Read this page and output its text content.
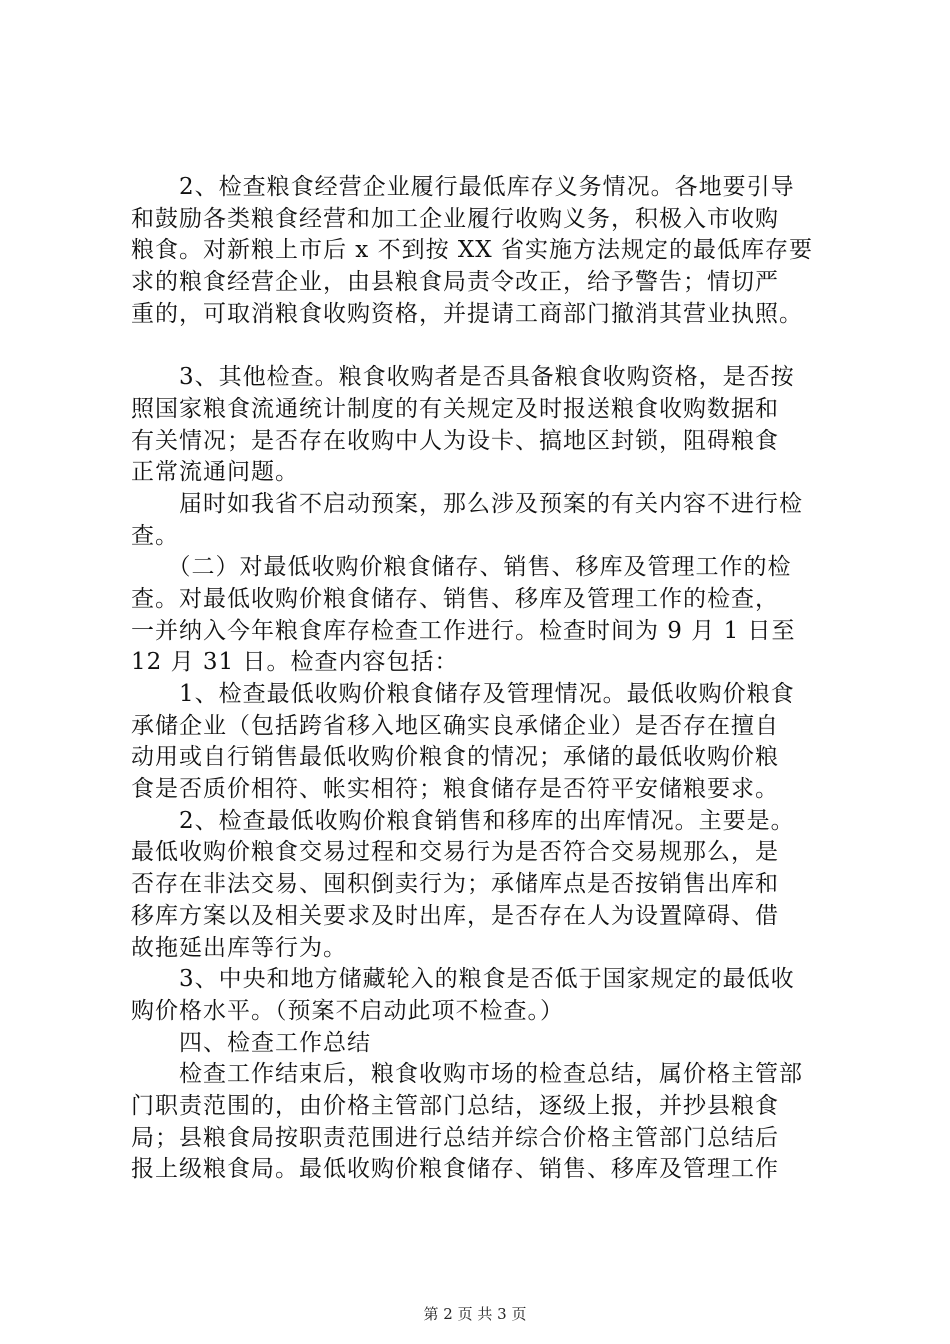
　　2、检查粮食经营企业履行最低库存义务情况。各地要引导
和鼓励各类粮食经营和加工企业履行收购义务，积极入市收购
粮食。对新粮上市后 x 不到按 XX 省实施方法规定的最低库存要
求的粮食经营企业，由县粮食局责令改正，给予警告；情切严
重的，可取消粮食收购资格，并提请工商部门撤消其营业执照。
　　3、其他检查。粮食收购者是否具备粮食收购资格，是否按
照国家粮食流通统计制度的有关规定及时报送粮食收购数据和
有关情况；是否存在收购中人为设卡、搞地区封锁，阻碍粮食
正常流通问题。
　　届时如我省不启动预案，那么涉及预案的有关内容不进行检
查。
　　（二）对最低收购价粮食储存、销售、移库及管理工作的检
查。对最低收购价粮食储存、销售、移库及管理工作的检查，
一并纳入今年粮食库存检查工作进行。检查时间为 9 月 1 日至
12 月 31 日。检查内容包括：
　　1、检查最低收购价粮食储存及管理情况。最低收购价粮食
承储企业（包括跨省移入地区确实良承储企业）是否存在擅自
动用或自行销售最低收购价粮食的情况；承储的最低收购价粮
食是否质价相符、帐实相符；粮食储存是否符平安储粮要求。
　　2、检查最低收购价粮食销售和移库的出库情况。主要是。
最低收购价粮食交易过程和交易行为是否符合交易规那么，是
否存在非法交易、囤积倒卖行为；承储库点是否按销售出库和
移库方案以及相关要求及时出库，是否存在人为设置障碍、借
故拖延出库等行为。
　　3、中央和地方储藏轮入的粮食是否低于国家规定的最低收
购价格水平。（预案不启动此项不检查。）
　　四、检查工作总结
　　检查工作结束后，粮食收购市场的检查总结，属价格主管部
门职责范围的，由价格主管部门总结，逐级上报，并抄县粮食
局；县粮食局按职责范围进行总结并综合价格主管部门总结后
报上级粮食局。最低收购价粮食储存、销售、移库及管理工作
第 2 页 共 3 页
